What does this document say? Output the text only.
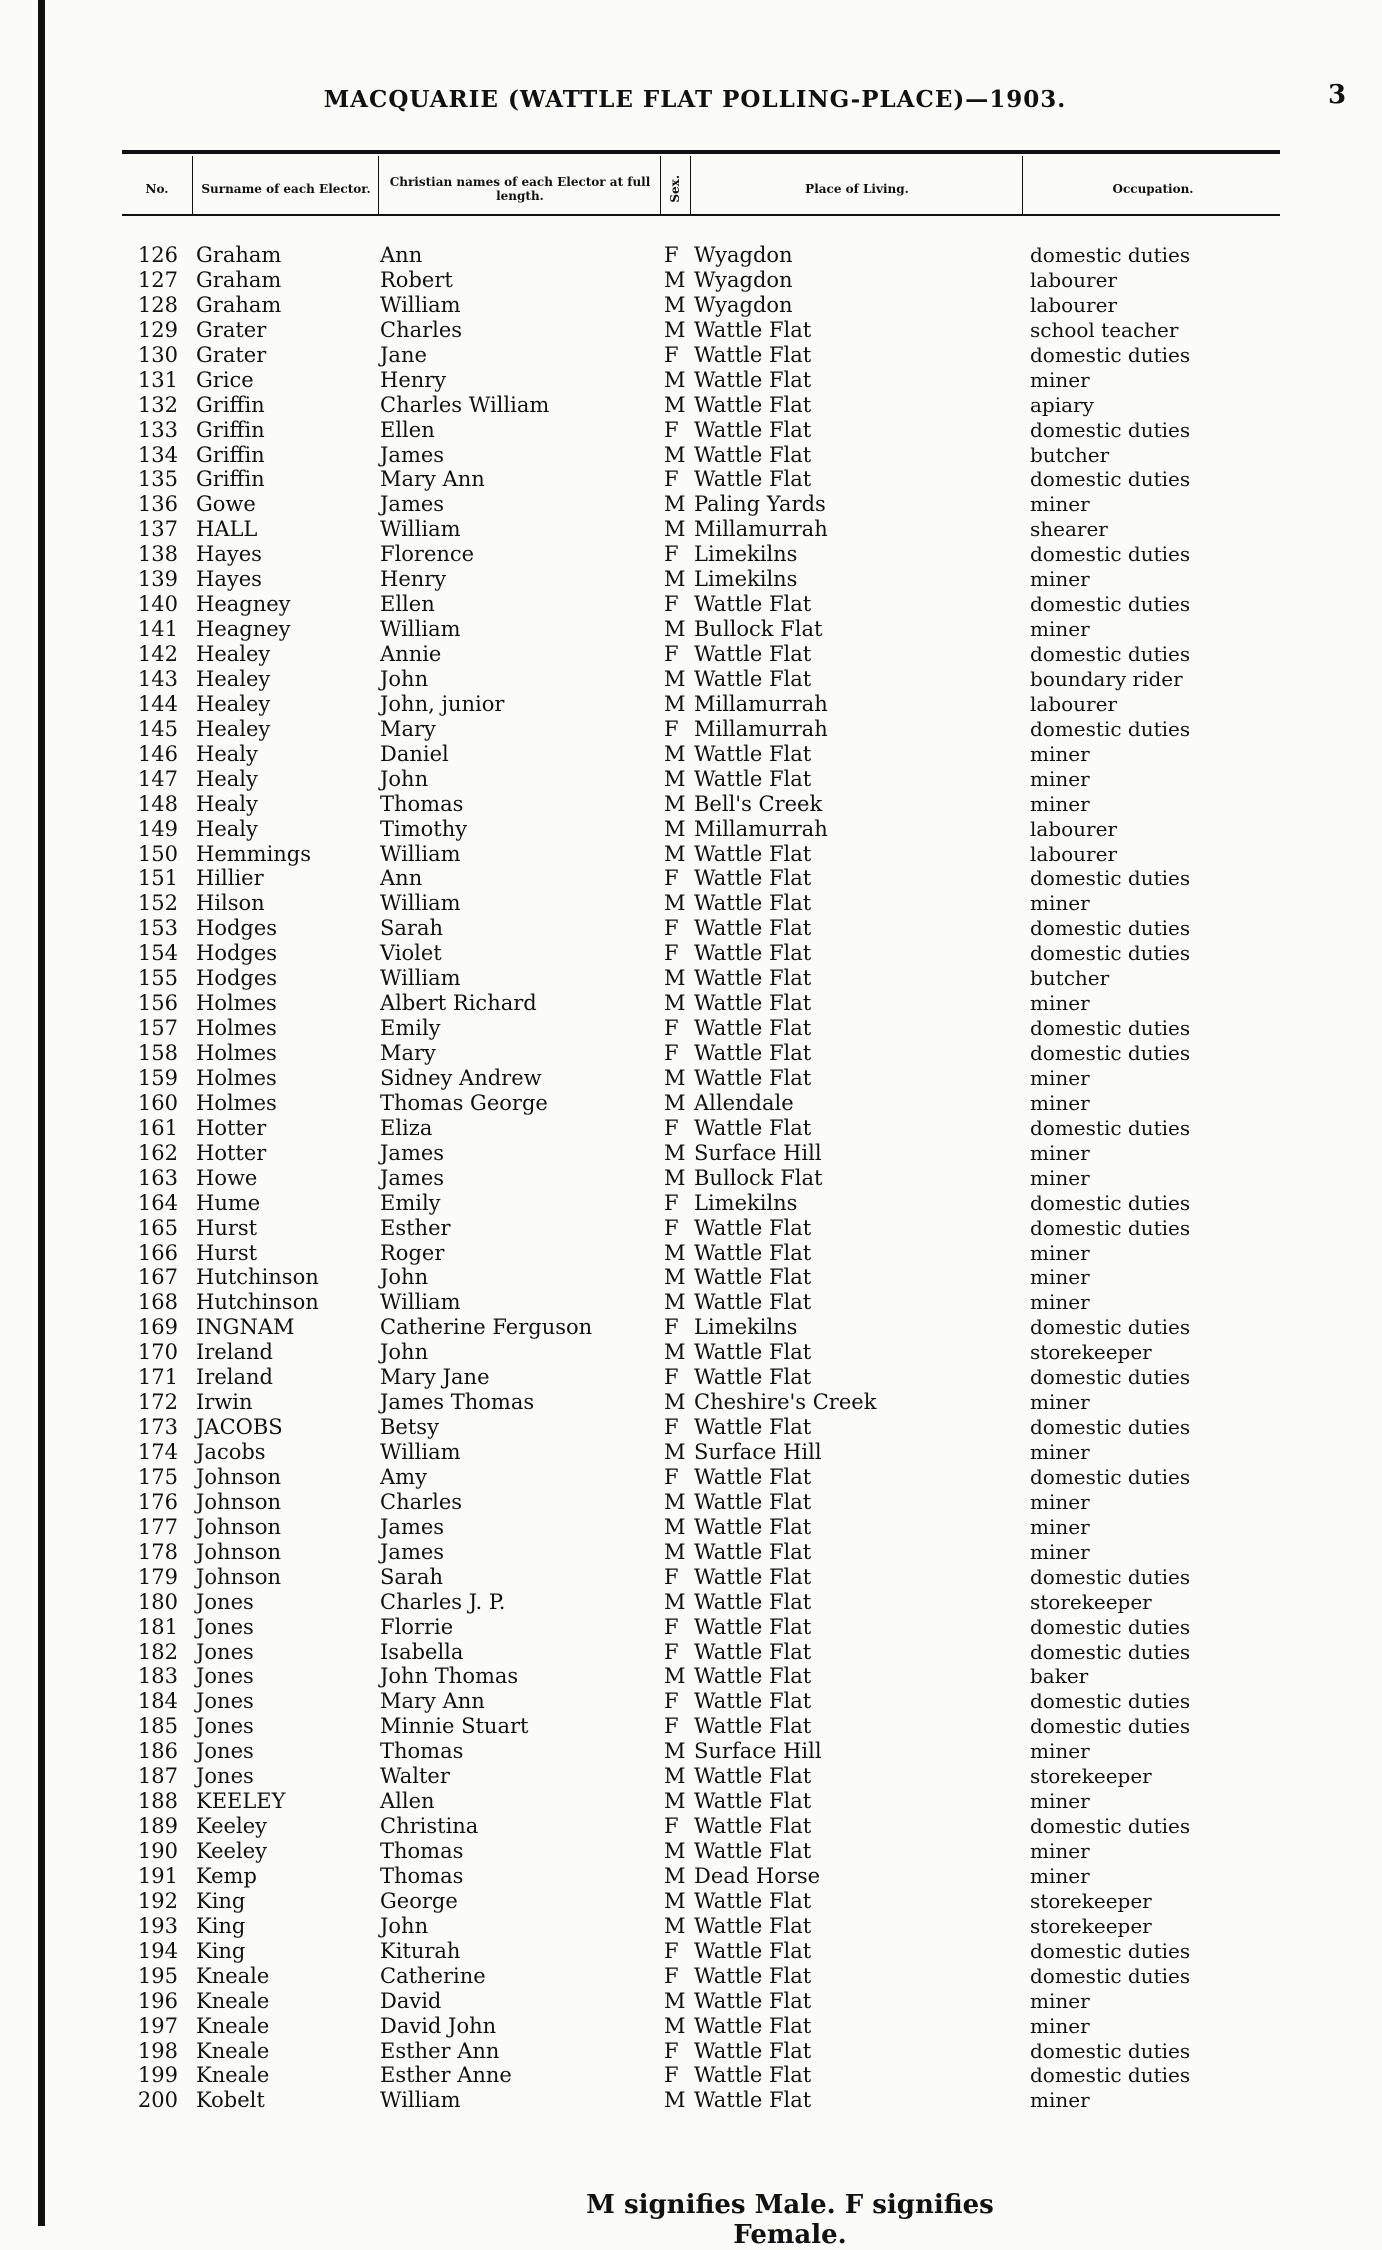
MACQUARIE (WATTLE FLAT POLLING-PLACE)—1903.	3
No.	Surname of each Elector.	Christian names of each Elector at full length.	Sex.	Place of Living.	Occupation.
126 Graham	Ann	F Wyagdon	domestic duties
127 Graham	Robert	M Wyagdon	labourer
128 Graham	William	M Wyagdon	labourer
129 Grater	Charles	M Wattle Flat	school teacher
130 Grater	Jane	F Wattle Flat	domestic duties
131 Grice	Henry	M Wattle Flat	miner
132 Griffin	Charles William	M Wattle Flat	apiary
133 Griffin	Ellen	F Wattle Flat	domestic duties
134 Griffin	James	M Wattle Flat	butcher
135 Griffin	Mary Ann	F Wattle Flat	domestic duties
136 Gowe	James	M Paling Yards	miner
137 HALL	William	M Millamurrah	shearer
138 Hayes	Florence	F Limekilns	domestic duties
139 Hayes	Henry	M Limekilns	miner
140 Heagney	Ellen	F Wattle Flat	domestic duties
141 Heagney	William	M Bullock Flat	miner
142 Healey	Annie	F Wattle Flat	domestic duties
143 Healey	John	M Wattle Flat	boundary rider
144 Healey	John, junior	M Millamurrah	labourer
145 Healey	Mary	F Millamurrah	domestic duties
146 Healy	Daniel	M Wattle Flat	miner
147 Healy	John	M Wattle Flat	miner
148 Healy	Thomas	M Bell's Creek	miner
149 Healy	Timothy	M Millamurrah	labourer
150 Hemmings	William	M Wattle Flat	labourer
151 Hillier	Ann	F Wattle Flat	domestic duties
152 Hilson	William	M Wattle Flat	miner
153 Hodges	Sarah	F Wattle Flat	domestic duties
154 Hodges	Violet	F Wattle Flat	domestic duties
155 Hodges	William	M Wattle Flat	butcher
156 Holmes	Albert Richard	M Wattle Flat	miner
157 Holmes	Emily	F Wattle Flat	domestic duties
158 Holmes	Mary	F Wattle Flat	domestic duties
159 Holmes	Sidney Andrew	M Wattle Flat	miner
160 Holmes	Thomas George	M Allendale	miner
161 Hotter	Eliza	F Wattle Flat	domestic duties
162 Hotter	James	M Surface Hill	miner
163 Howe	James	M Bullock Flat	miner
164 Hume	Emily	F Limekilns	domestic duties
165 Hurst	Esther	F Wattle Flat	domestic duties
166 Hurst	Roger	M Wattle Flat	miner
167 Hutchinson	John	M Wattle Flat	miner
168 Hutchinson	William	M Wattle Flat	miner
169 INGNAM	Catherine Ferguson	F Limekilns	domestic duties
170 Ireland	John	M Wattle Flat	storekeeper
171 Ireland	Mary Jane	F Wattle Flat	domestic duties
172 Irwin	James Thomas	M Cheshire's Creek	miner
173 JACOBS	Betsy	F Wattle Flat	domestic duties
174 Jacobs	William	M Surface Hill	miner
175 Johnson	Amy	F Wattle Flat	domestic duties
176 Johnson	Charles	M Wattle Flat	miner
177 Johnson	James	M Wattle Flat	miner
178 Johnson	James	M Wattle Flat	miner
179 Johnson	Sarah	F Wattle Flat	domestic duties
180 Jones	Charles J. P.	M Wattle Flat	storekeeper
181 Jones	Florrie	F Wattle Flat	domestic duties
182 Jones	Isabella	F Wattle Flat	domestic duties
183 Jones	John Thomas	M Wattle Flat	baker
184 Jones	Mary Ann	F Wattle Flat	domestic duties
185 Jones	Minnie Stuart	F Wattle Flat	domestic duties
186 Jones	Thomas	M Surface Hill	miner
187 Jones	Walter	M Wattle Flat	storekeeper
188 KEELEY	Allen	M Wattle Flat	miner
189 Keeley	Christina	F Wattle Flat	domestic duties
190 Keeley	Thomas	M Wattle Flat	miner
191 Kemp	Thomas	M Dead Horse	miner
192 King	George	M Wattle Flat	storekeeper
193 King	John	M Wattle Flat	storekeeper
194 King	Kiturah	F Wattle Flat	domestic duties
195 Kneale	Catherine	F Wattle Flat	domestic duties
196 Kneale	David	M Wattle Flat	miner
197 Kneale	David John	M Wattle Flat	miner
198 Kneale	Esther Ann	F Wattle Flat	domestic duties
199 Kneale	Esther Anne	F Wattle Flat	domestic duties
200 Kobelt	William	M Wattle Flat	miner
M signifies Male. F signifies Female.
